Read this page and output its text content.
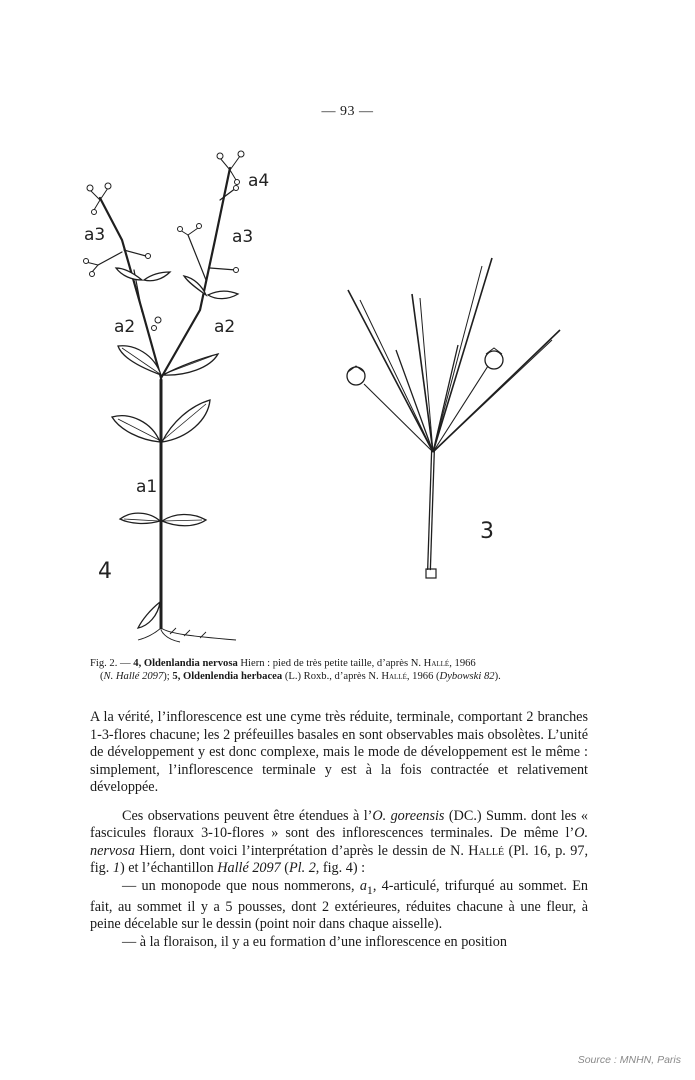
— 93 —
a4
a3	a3
a2	a2
a1
4
3
Fig. 2. — 4, Oldenlandia nervosa Hiern : pied de très petite taille, d’après N. Hallé, 1966
(N. Hallé 2097); 5, Oldenlendia herbacea (L.) Roxb., d’après N. Hallé, 1966 (Dybowski 82).

A la vérité, l’inflorescence est une cyme très réduite, terminale, comportant 2 branches 1-3-flores chacune; les 2 préfeuilles basales en sont observables mais obsolètes. L’unité de développement y est donc complexe, mais le mode de développement est le même : simplement, l’inflorescence terminale y est à la fois contractée et relativement développée.

Ces observations peuvent être étendues à l’O. goreensis (DC.) Summ. dont les « fascicules floraux 3-10-flores » sont des inflorescences terminales. De même l’O. nervosa Hiern, dont voici l’interprétation d’après le dessin de N. Hallé (Pl. 16, p. 97, fig. 1) et l’échantillon Hallé 2097 (Pl. 2, fig. 4) :

— un monopode que nous nommerons, $a_1$, 4-articulé, trifurqué au sommet. En fait, au sommet il y a 5 pousses, dont 2 extérieures, réduites chacune à une fleur, à peine décelable sur le dessin (point noir dans chaque aisselle).

— à la floraison, il y a eu formation d’une inflorescence en position

Source : MNHN, Paris
